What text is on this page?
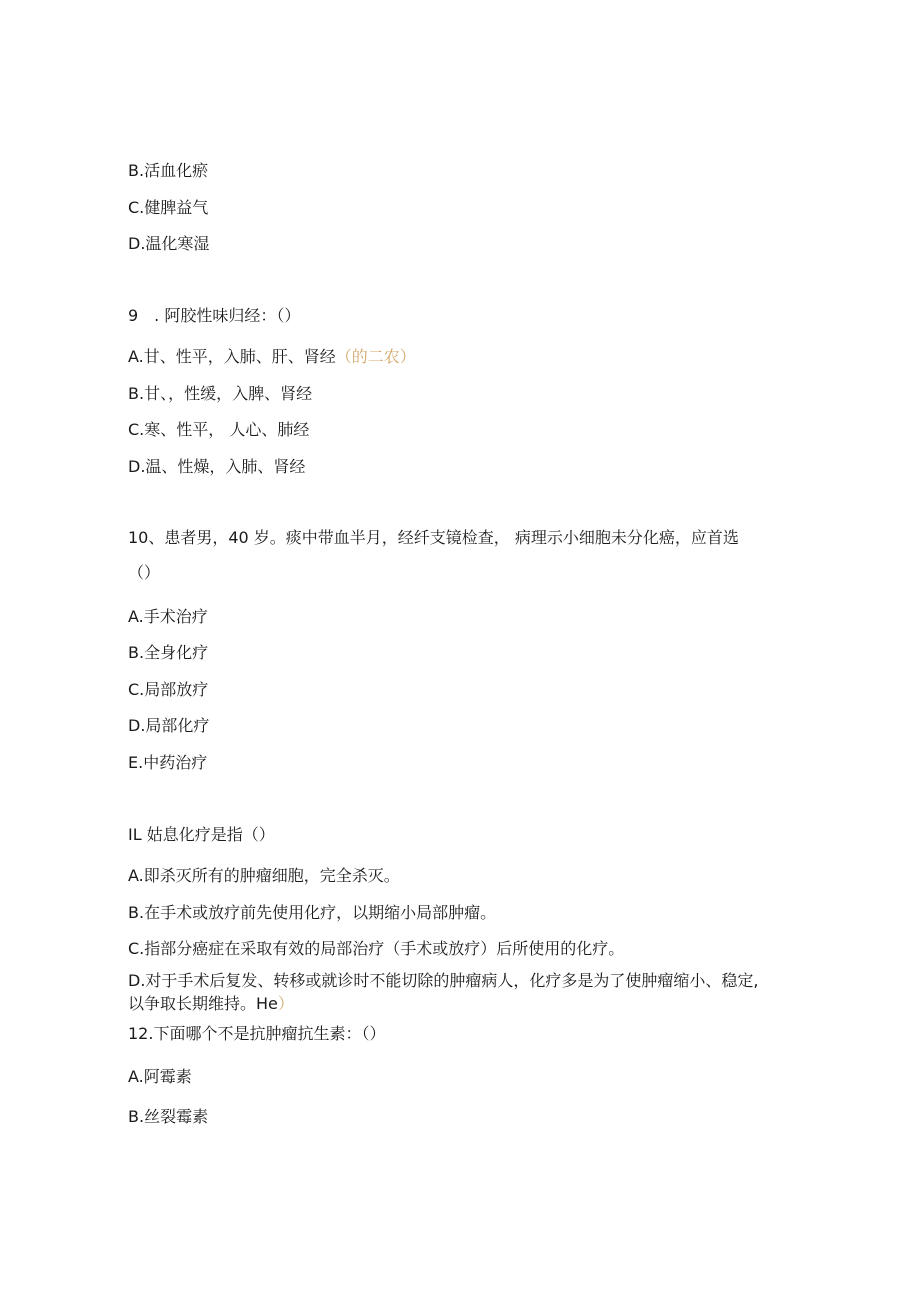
B.活血化瘀
C.健脾益气
D.温化寒湿
9　. 阿胶性味归经：（）
A.甘、性平，入肺、肝、肾经（的二农）
B.甘、，性缓，入脾、肾经
C.寒、性平， 人心、肺经
D.温、性燥，入肺、肾经
10、患者男，40 岁。痰中带血半月，经纤支镜检查， 病理示小细胞未分化癌，应首选
（）
A.手术治疗
B.全身化疗
C.局部放疗
D.局部化疗
E.中药治疗
IL 姑息化疗是指（）
A.即杀灭所有的肿瘤细胞，完全杀灭。
B.在手术或放疗前先使用化疗，以期缩小局部肿瘤。
C.指部分癌症在采取有效的局部治疗（手术或放疗）后所使用的化疗。
D.对于手术后复发、转移或就诊时不能切除的肿瘤病人，化疗多是为了使肿瘤缩小、稳定, 以争取长期维持。He）
12.下面哪个不是抗肿瘤抗生素：（）
A.阿霉素
B.丝裂霉素
